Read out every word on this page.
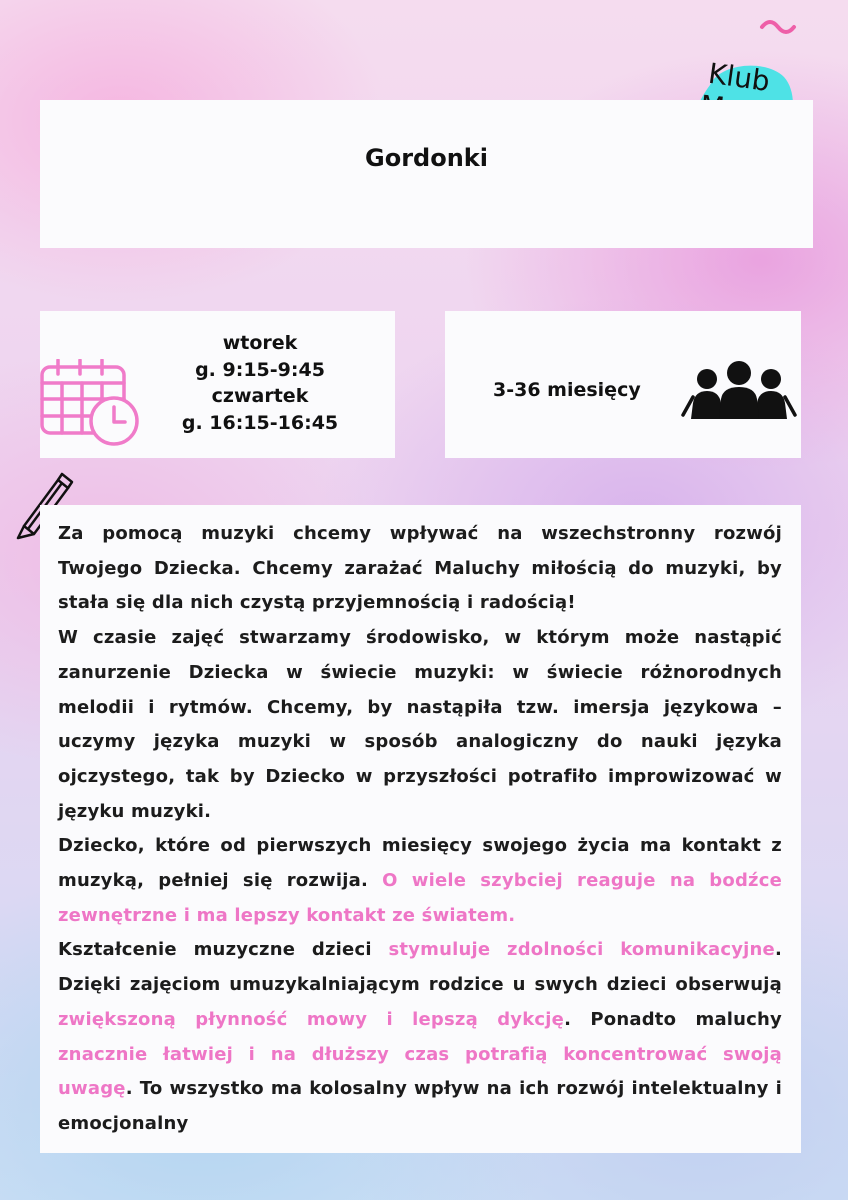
Klub
Gordonki
wtorek
g. 9:15-9:45
czwartek
g. 16:15-16:45
3-36 miesięcy

Za pomocą muzyki chcemy wpływać na wszechstronny rozwój Twojego Dziecka. Chcemy zarażać Maluchy miłością do muzyki, by stała się dla nich czystą przyjemnością i radością!

W czasie zajęć stwarzamy środowisko, w którym może nastąpić zanurzenie Dziecka w świecie muzyki: w świecie różnorodnych melodii i rytmów. Chcemy, by nastąpiła tzw. imersja językowa – uczymy języka muzyki w sposób analogiczny do nauki języka ojczystego, tak by Dziecko w przyszłości potrafiło improwizować w języku muzyki.

Dziecko, które od pierwszych miesięcy swojego życia ma kontakt z muzyką, pełniej się rozwija. O wiele szybciej reaguje na bodźce zewnętrzne i ma lepszy kontakt ze światem.

Kształcenie muzyczne dzieci stymuluje zdolności komunikacyjne. Dzięki zajęciom umuzykalniającym rodzice u swych dzieci obserwują zwiększoną płynność mowy i lepszą dykcję. Ponadto maluchy znacznie łatwiej i na dłuższy czas potrafią koncentrować swoją uwagę. To wszystko ma kolosalny wpływ na ich rozwój intelektualny i emocjonalny
